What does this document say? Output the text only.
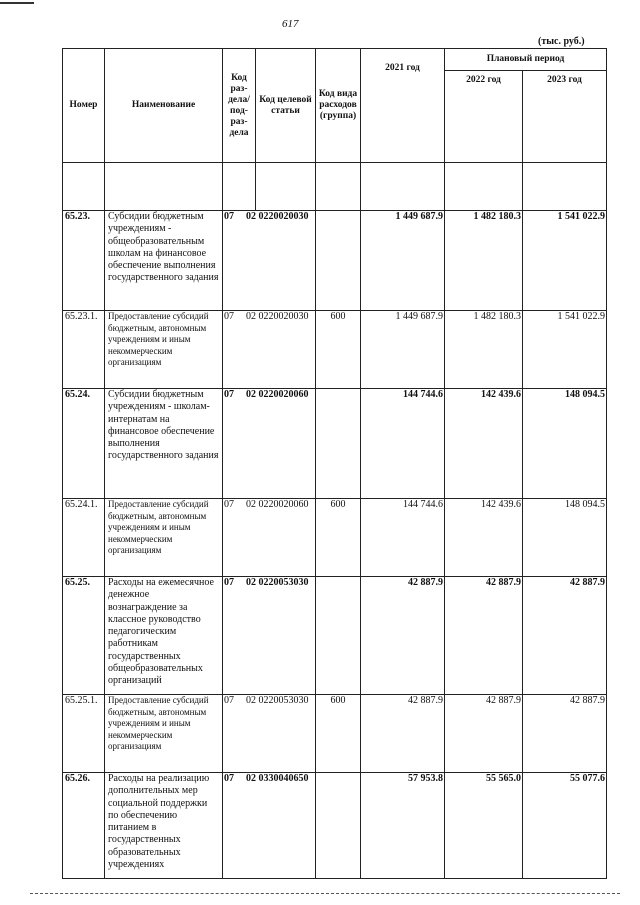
617
(тыс. руб.)
Номер	Наименование	Код раз-дела/ под-раз-дела	Код целевой статьи	Код вида расходов (группа)	2021 год	Плановый период	
						2022 год	2023 год

65.23.	Субсидии бюджетным учреждениям - общеобразовательным школам на финансовое обеспечение выполнения государственного задания	07 02 0220020030			1 449 687.9	1 482 180.3	1 541 022.9
65.23.1.	Предоставление субсидий бюджетным, автономным учреждениям и иным некоммерческим организациям	07 02 0220020030		600	1 449 687.9	1 482 180.3	1 541 022.9
65.24.	Субсидии бюджетным учреждениям - школам-интернатам на финансовое обеспечение выполнения государственного задания	07 02 0220020060			144 744.6	142 439.6	148 094.5
65.24.1.	Предоставление субсидий бюджетным, автономным учреждениям и иным некоммерческим организациям	07 02 0220020060		600	144 744.6	142 439.6	148 094.5
65.25.	Расходы на ежемесячное денежное вознаграждение за классное руководство педагогическим работникам государственных общеобразовательных организаций	07 02 0220053030			42 887.9	42 887.9	42 887.9
65.25.1.	Предоставление субсидий бюджетным, автономным учреждениям и иным некоммерческим организациям	07 02 0220053030		600	42 887.9	42 887.9	42 887.9
65.26.	Расходы на реализацию дополнительных мер социальной поддержки по обеспечению питанием в государственных образовательных учреждениях	07 02 0330040650			57 953.8	55 565.0	55 077.6
